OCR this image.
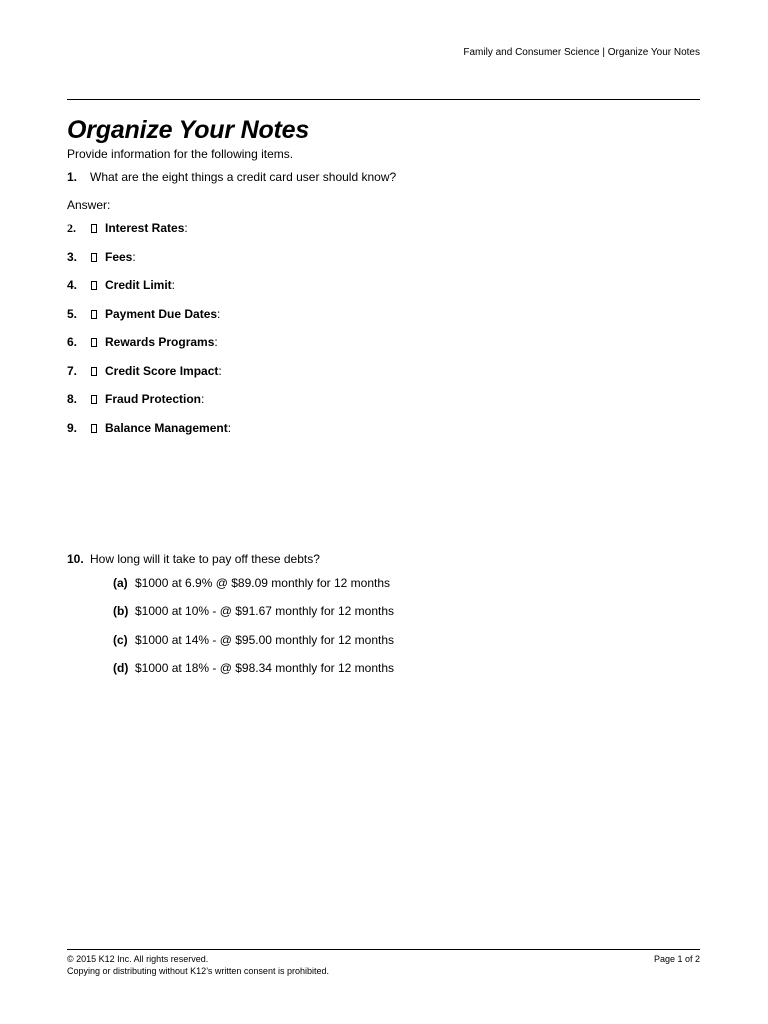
Family and Consumer Science | Organize Your Notes
Organize Your Notes
Provide information for the following items.
1. What are the eight things a credit card user should know?
Answer:
2. Interest Rates:
3. Fees:
4. Credit Limit:
5. Payment Due Dates:
6. Rewards Programs:
7. Credit Score Impact:
8. Fraud Protection:
9. Balance Management:
10. How long will it take to pay off these debts?
(a) $1000 at 6.9% @ $89.09 monthly for 12 months
(b) $1000 at 10% - @ $91.67 monthly for 12 months
(c) $1000 at 14% - @ $95.00 monthly for 12 months
(d) $1000 at 18% - @ $98.34 monthly for 12 months
© 2015 K12 Inc. All rights reserved.
Copying or distributing without K12’s written consent is prohibited.
Page 1 of 2
